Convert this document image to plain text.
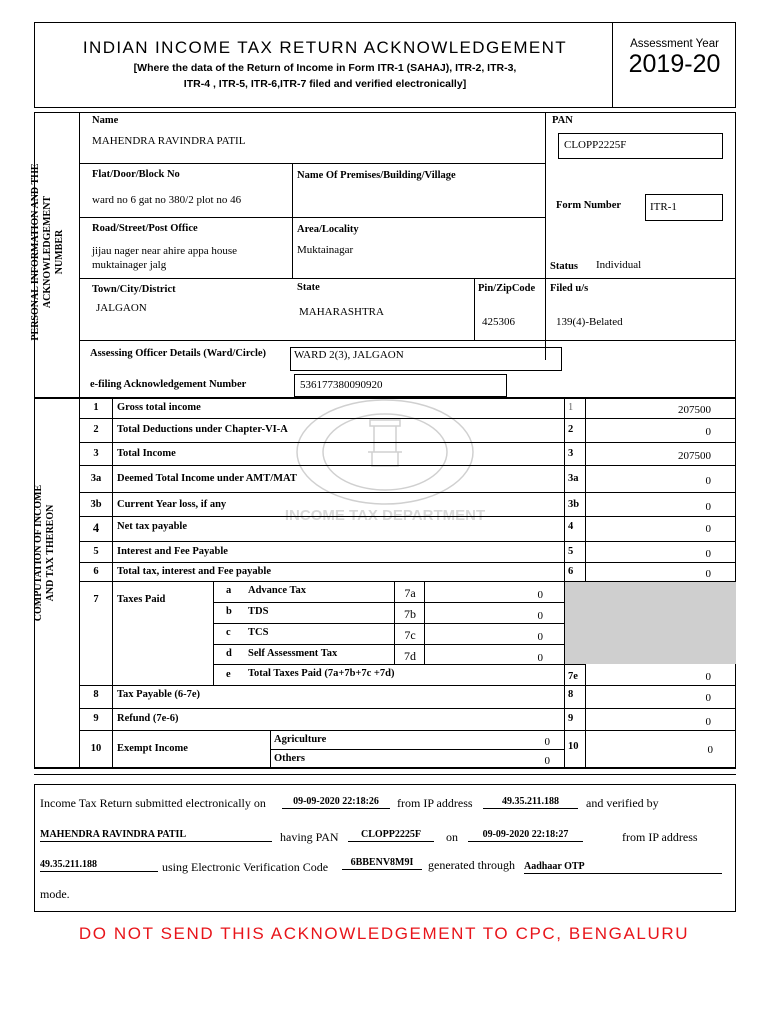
INDIAN INCOME TAX RETURN ACKNOWLEDGEMENT
[Where the data of the Return of Income in Form ITR-1 (SAHAJ), ITR-2, ITR-3,
ITR-4 , ITR-5, ITR-6,ITR-7 filed and verified electronically]
Assessment Year
2019-20
PERSONAL INFORMATION AND THE ACKNOWLEDGEMENT NUMBER
Name
MAHENDRA RAVINDRA PATIL
PAN
CLOPP2225F
Flat/Door/Block No
ward no 6 gat no 380/2 plot no 46
Name Of Premises/Building/Village
Form Number	ITR-1
Road/Street/Post Office
jijau nager near ahire appa house
muktainager jalg
Area/Locality
Muktainagar
Status Individual
Town/City/District
JALGAON
State
MAHARASHTRA
Pin/ZipCode
425306
Filed u/s
139(4)-Belated
Assessing Officer Details (Ward/Circle)	WARD 2(3), JALGAON
e-filing Acknowledgement Number	536177380090920
COMPUTATION OF INCOME AND TAX THEREON	INCOME TAX DEPARTMENT
1	Gross total income	1	207500
2	Total Deductions under Chapter-VI-A	2	0
3	Total Income	3	207500
3a	Deemed Total Income under AMT/MAT	3a	0
3b	Current Year loss, if any	3b	0
4	Net tax payable	4	0
5	Interest and Fee Payable	5	0
6	Total tax, interest and Fee payable	6	0
7	Taxes Paid
a Advance Tax	7a	0
b TDS	7b	0
c TCS	7c	0
d Self Assessment Tax	7d	0
e Total Taxes Paid (7a+7b+7c +7d)	7e	0
8	Tax Payable (6-7e)	8	0
9	Refund (7e-6)	9	0
10	Exempt Income
Agriculture	0
Others	0
10	0
Income Tax Return submitted electronically on	09-09-2020 22:18:26	from IP address	49.35.211.188	and verified by
MAHENDRA RAVINDRA PATIL	having PAN	CLOPP2225F	on	09-09-2020 22:18:27	from IP address
49.35.211.188	using Electronic Verification Code	6BBENV8M9I	generated through Aadhaar OTP
mode.
DO NOT SEND THIS ACKNOWLEDGEMENT TO CPC, BENGALURU
